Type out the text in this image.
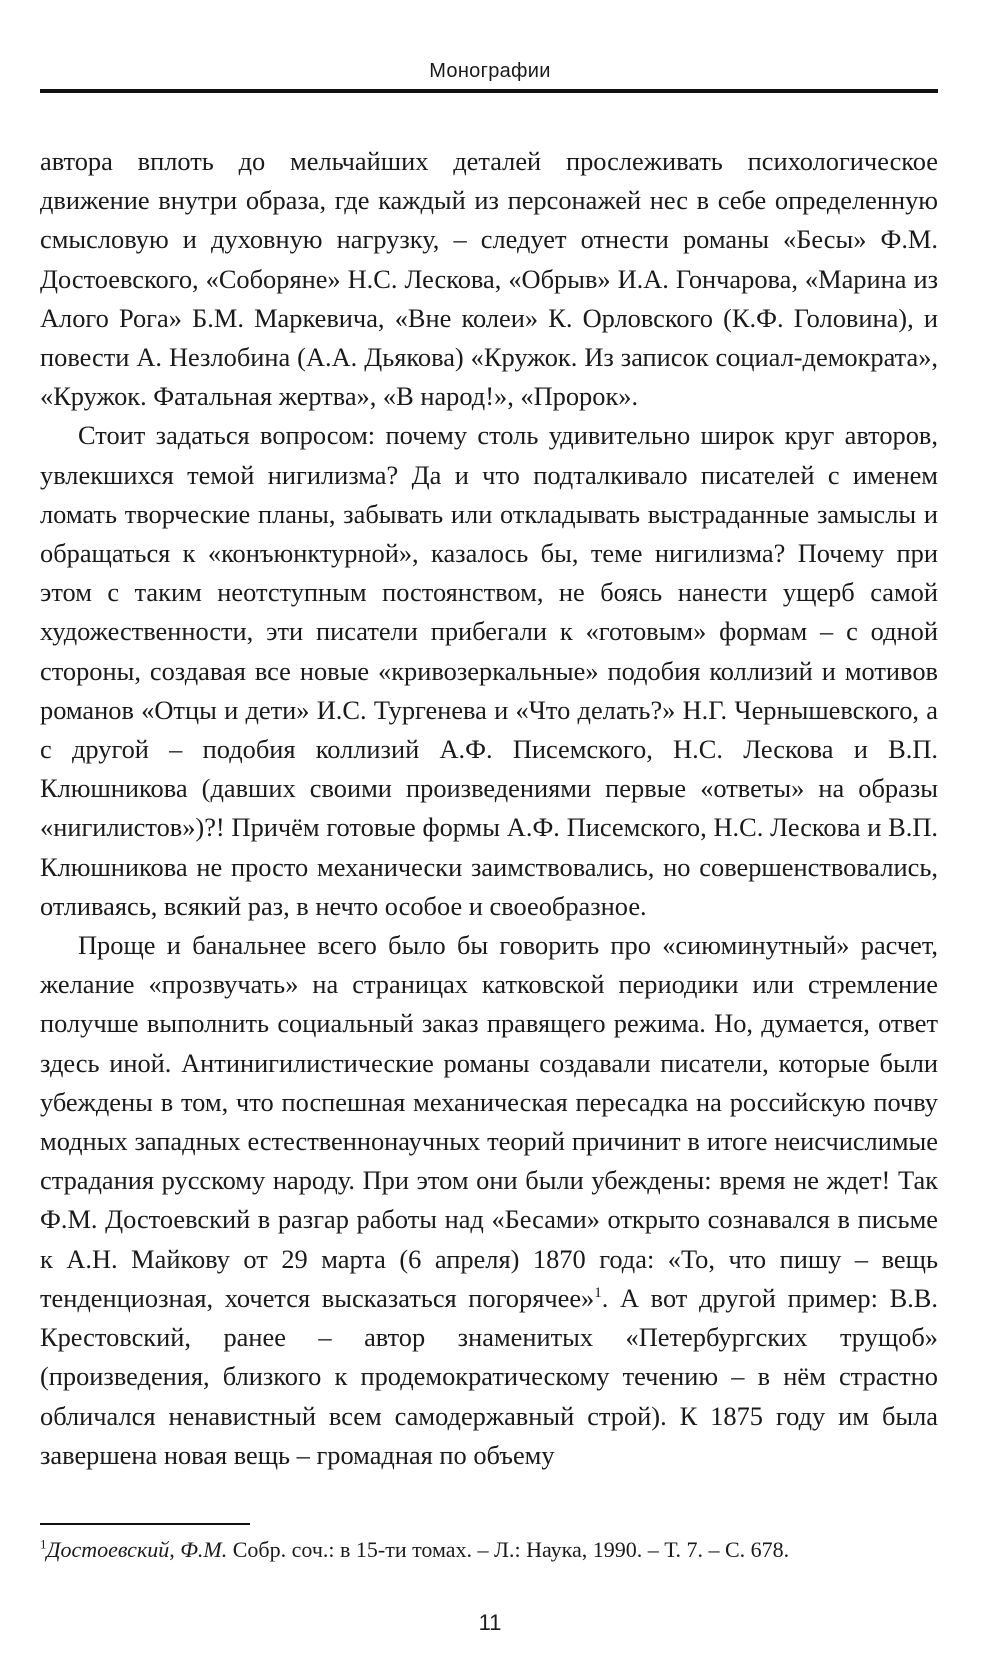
Монографии

автора вплоть до мельчайших деталей прослеживать психологическое движение внутри образа, где каждый из персонажей нес в себе определенную смысловую и духовную нагрузку, – следует отнести романы «Бесы» Ф.М. Достоевского, «Соборяне» Н.С. Лескова, «Обрыв» И.А. Гончарова, «Марина из Алого Рога» Б.М. Маркевича, «Вне колеи» К. Орловского (К.Ф. Головина), и повести А. Незлобина (А.А. Дьякова) «Кружок. Из записок социал-демократа», «Кружок. Фатальная жертва», «В народ!», «Пророк».

Стоит задаться вопросом: почему столь удивительно широк круг авторов, увлекшихся темой нигилизма? Да и что подталкивало писателей с именем ломать творческие планы, забывать или откладывать выстраданные замыслы и обращаться к «конъюнктурной», казалось бы, теме нигилизма? Почему при этом с таким неотступным постоянством, не боясь нанести ущерб самой художественности, эти писатели прибегали к «готовым» формам – с одной стороны, создавая все новые «кривозеркальные» подобия коллизий и мотивов романов «Отцы и дети» И.С. Тургенева и «Что делать?» Н.Г. Чернышевского, а с другой – подобия коллизий А.Ф. Писемского, Н.С. Лескова и В.П. Клюшникова (давших своими произведениями первые «ответы» на образы «нигилистов»)?! Причём готовые формы А.Ф. Писемского, Н.С. Лескова и В.П. Клюшникова не просто механически заимствовались, но совершенствовались, отливаясь, всякий раз, в нечто особое и своеобразное.

Проще и банальнее всего было бы говорить про «сиюминутный» расчет, желание «прозвучать» на страницах катковской периодики или стремление получше выполнить социальный заказ правящего режима. Но, думается, ответ здесь иной. Антинигилистические романы создавали писатели, которые были убеждены в том, что поспешная механическая пересадка на российскую почву модных западных естественнонаучных теорий причинит в итоге неисчислимые страдания русскому народу. При этом они были убеждены: время не ждет! Так Ф.М. Достоевский в разгар работы над «Бесами» открыто сознавался в письме к А.Н. Майкову от 29 марта (6 апреля) 1870 года: «То, что пишу – вещь тенденциозная, хочется высказаться погорячее»$^1$. А вот другой пример: В.В. Крестовский, ранее – автор знаменитых «Петербургских трущоб» (произведения, близкого к продемократическому течению – в нём страстно обличался ненавистный всем самодержавный строй). К 1875 году им была завершена новая вещь – громадная по объему

$^1$Достоевский, Ф.М. Собр. соч.: в 15-ти томах. – Л.: Наука, 1990. – Т. 7. – С. 678.
11
